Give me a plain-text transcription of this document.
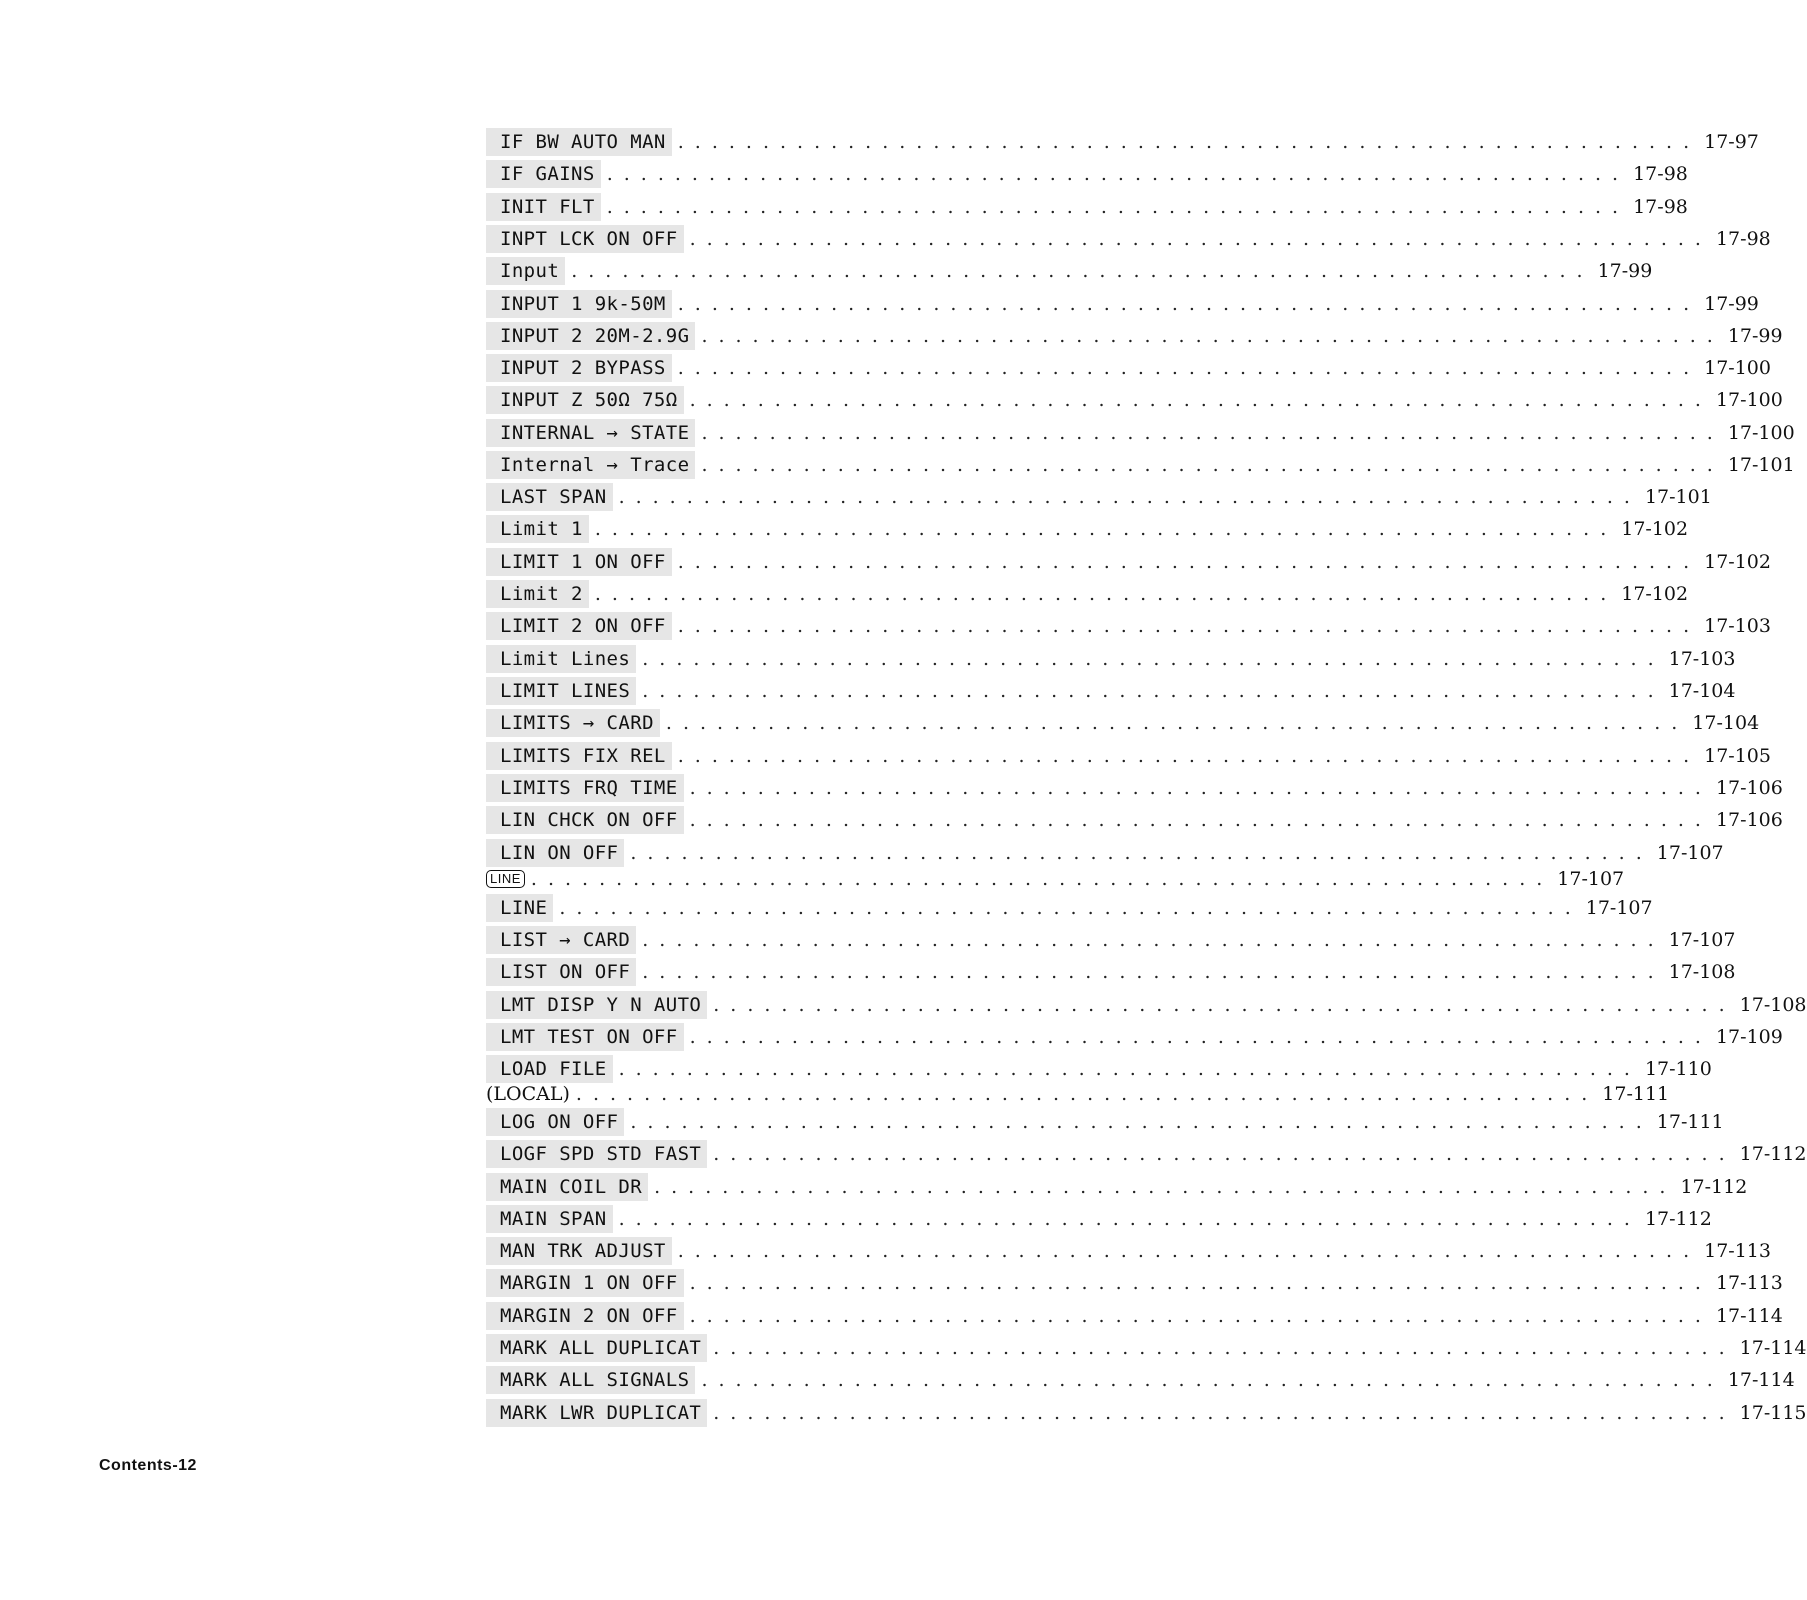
IF BW AUTO MAN ............................................................ 17-97
IF GAINS ............................................................ 17-98
INIT FLT ............................................................ 17-98
INPT LCK ON OFF ............................................................ 17-98
Input ............................................................ 17-99
INPUT 1 9k-50M ............................................................ 17-99
INPUT 2 20M-2.9G ............................................................ 17-99
INPUT 2 BYPASS ............................................................ 17-100
INPUT Z 50Ω 75Ω ............................................................ 17-100
INTERNAL → STATE ............................................................ 17-100
Internal → Trace ............................................................ 17-101
LAST SPAN ............................................................ 17-101
Limit 1 ............................................................ 17-102
LIMIT 1 ON OFF ............................................................ 17-102
Limit 2 ............................................................ 17-102
LIMIT 2 ON OFF ............................................................ 17-103
Limit Lines ............................................................ 17-103
LIMIT LINES ............................................................ 17-104
LIMITS → CARD ............................................................ 17-104
LIMITS FIX REL ............................................................ 17-105
LIMITS FRQ TIME ............................................................ 17-106
LIN CHCK ON OFF ............................................................ 17-106
LIN ON OFF ............................................................ 17-107
LINE ............................................................ 17-107
LINE ............................................................ 17-107
LIST → CARD ............................................................ 17-107
LIST ON OFF ............................................................ 17-108
LMT DISP Y N AUTO ............................................................ 17-108
LMT TEST ON OFF ............................................................ 17-109
LOAD FILE ............................................................ 17-110
(LOCAL) ............................................................ 17-111
LOG ON OFF ............................................................ 17-111
LOGF SPD STD FAST ............................................................ 17-112
MAIN COIL DR ............................................................ 17-112
MAIN SPAN ............................................................ 17-112
MAN TRK ADJUST ............................................................ 17-113
MARGIN 1 ON OFF ............................................................ 17-113
MARGIN 2 ON OFF ............................................................ 17-114
MARK ALL DUPLICAT ............................................................ 17-114
MARK ALL SIGNALS ............................................................ 17-114
MARK LWR DUPLICAT ............................................................ 17-115
Contents-12
